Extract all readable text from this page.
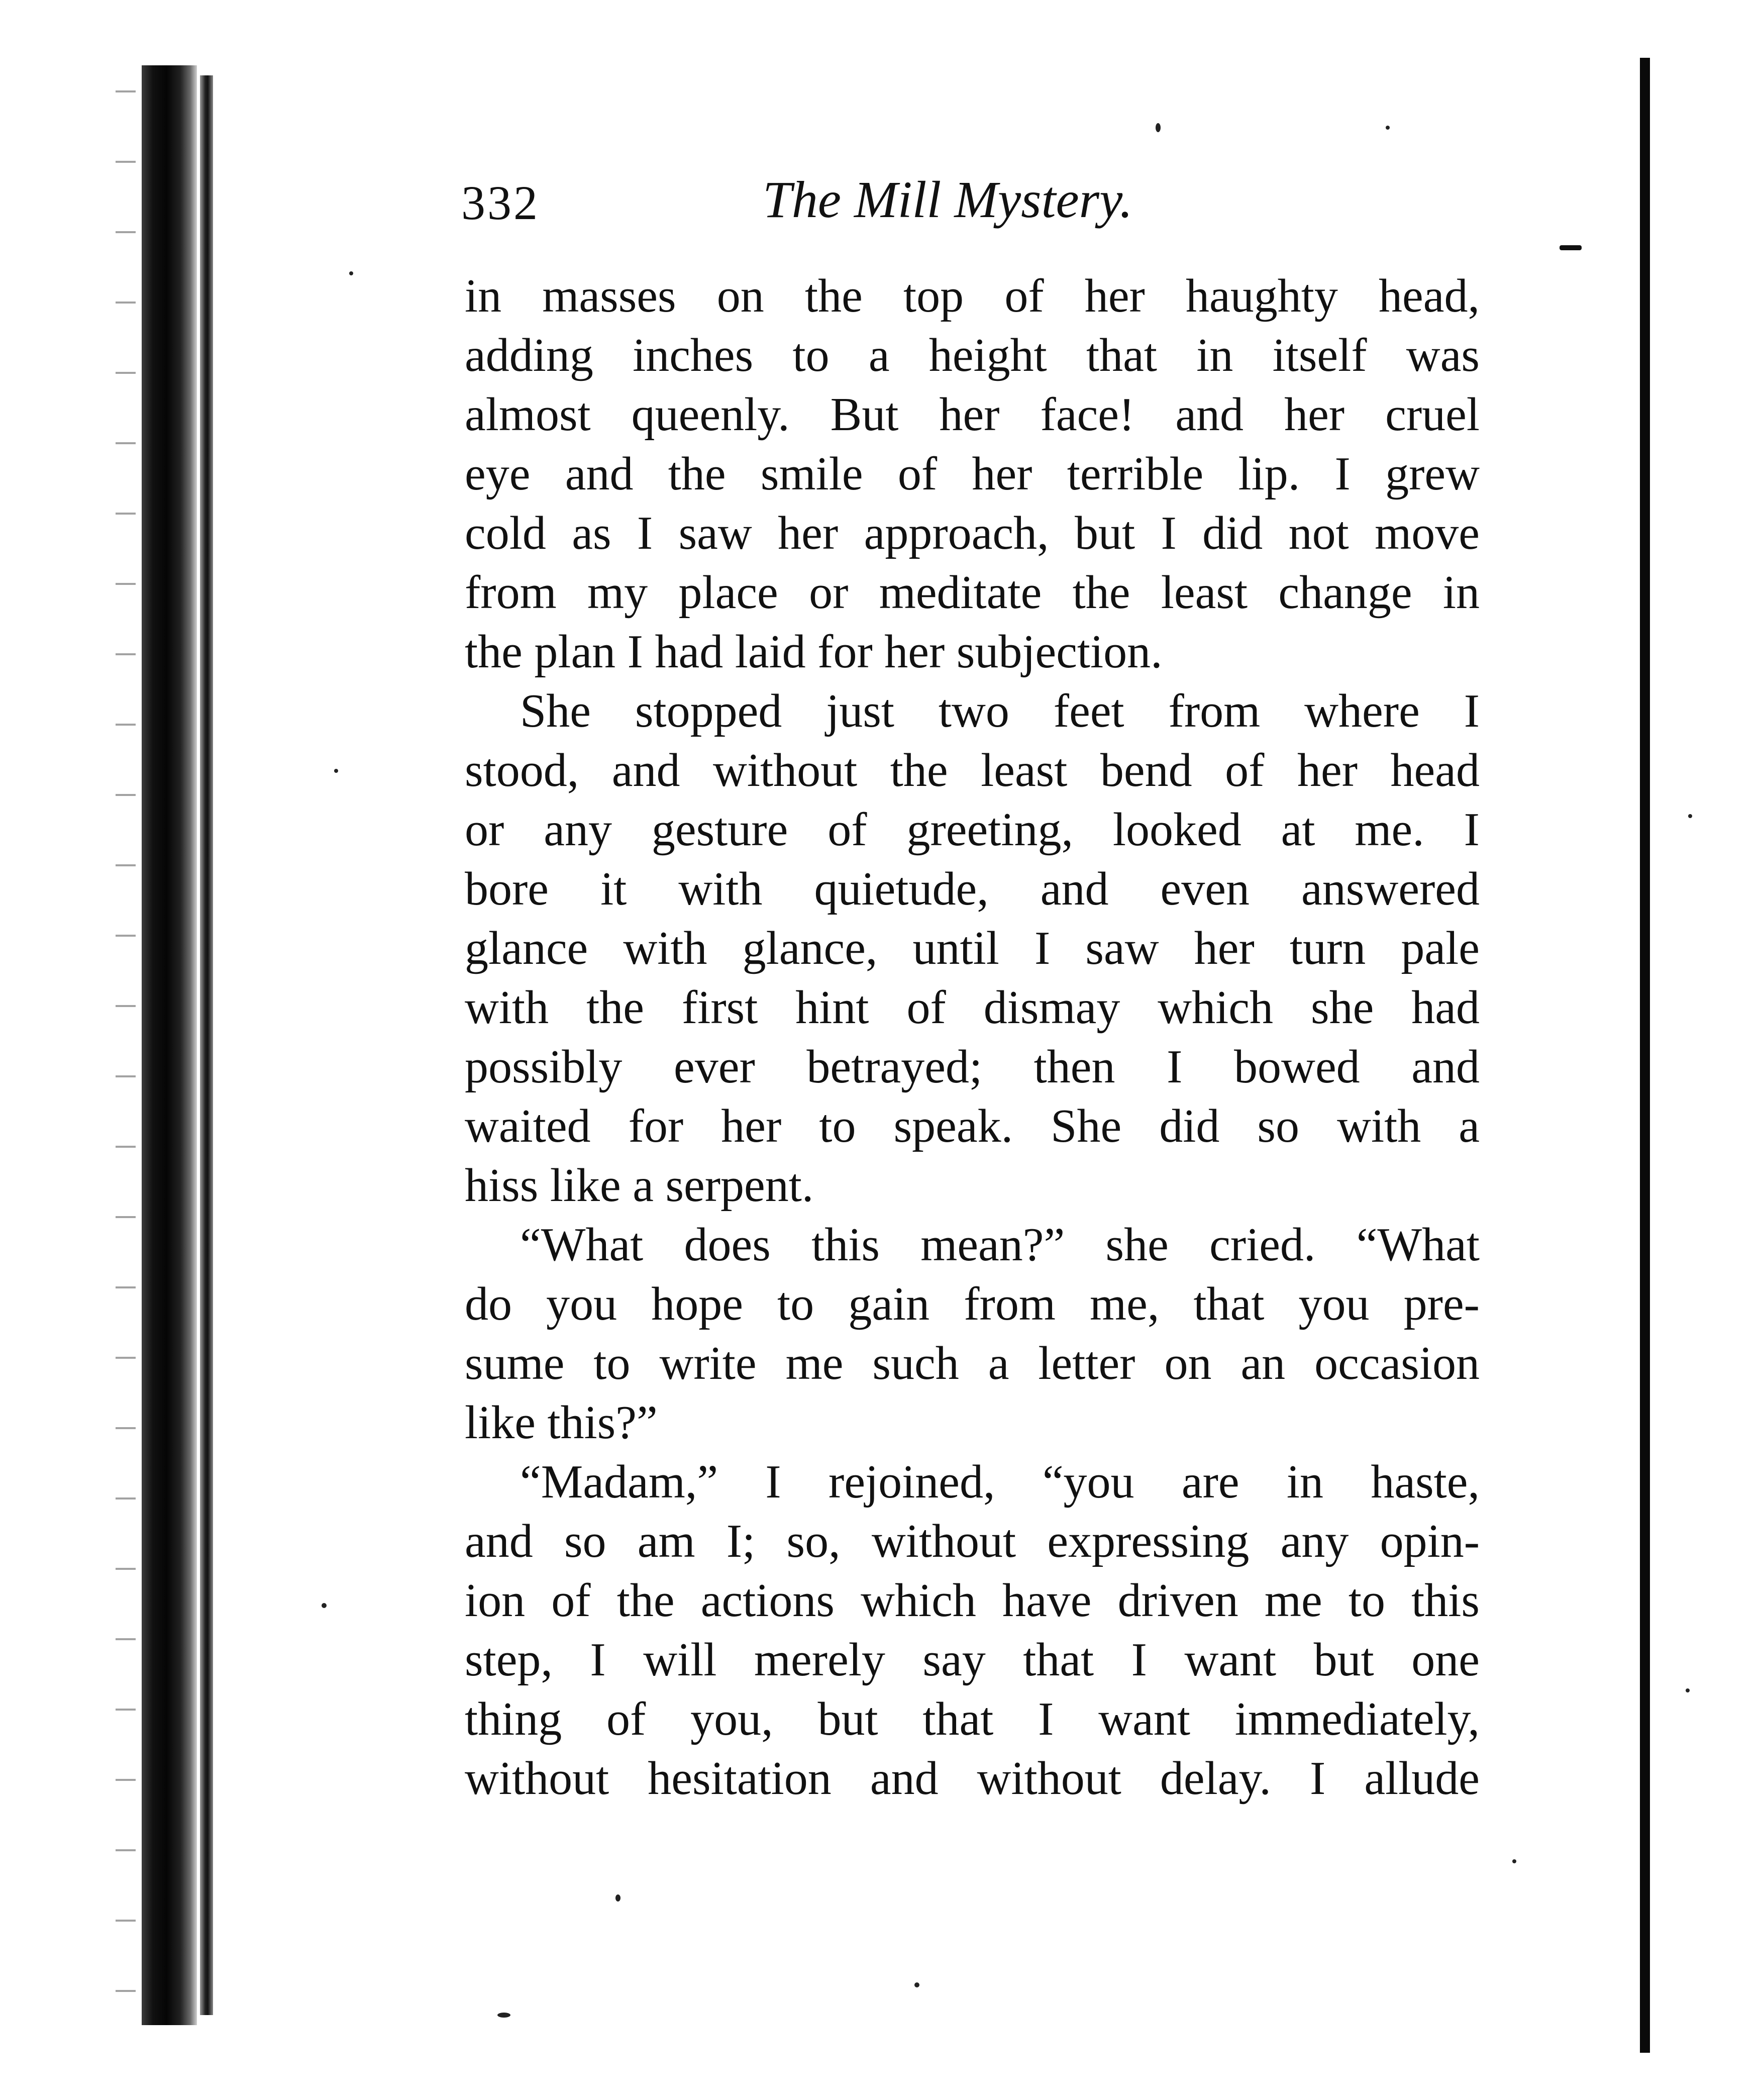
332	The Mill Mystery.
in masses on the top of her haughty head,
adding inches to a height that in itself was
almost queenly. But her face! and her cruel
eye and the smile of her terrible lip. I grew
cold as I saw her approach, but I did not move
from my place or meditate the least change in
the plan I had laid for her subjection.
She stopped just two feet from where I
stood, and without the least bend of her head
or any gesture of greeting, looked at me. I
bore it with quietude, and even answered
glance with glance, until I saw her turn pale
with the first hint of dismay which she had
possibly ever betrayed; then I bowed and
waited for her to speak. She did so with a
hiss like a serpent.
“What does this mean?” she cried. “What
do you hope to gain from me, that you pre-
sume to write me such a letter on an occasion
like this?”
“Madam,” I rejoined, “you are in haste,
and so am I; so, without expressing any opin-
ion of the actions which have driven me to this
step, I will merely say that I want but one
thing of you, but that I want immediately,
without hesitation and without delay. I allude
